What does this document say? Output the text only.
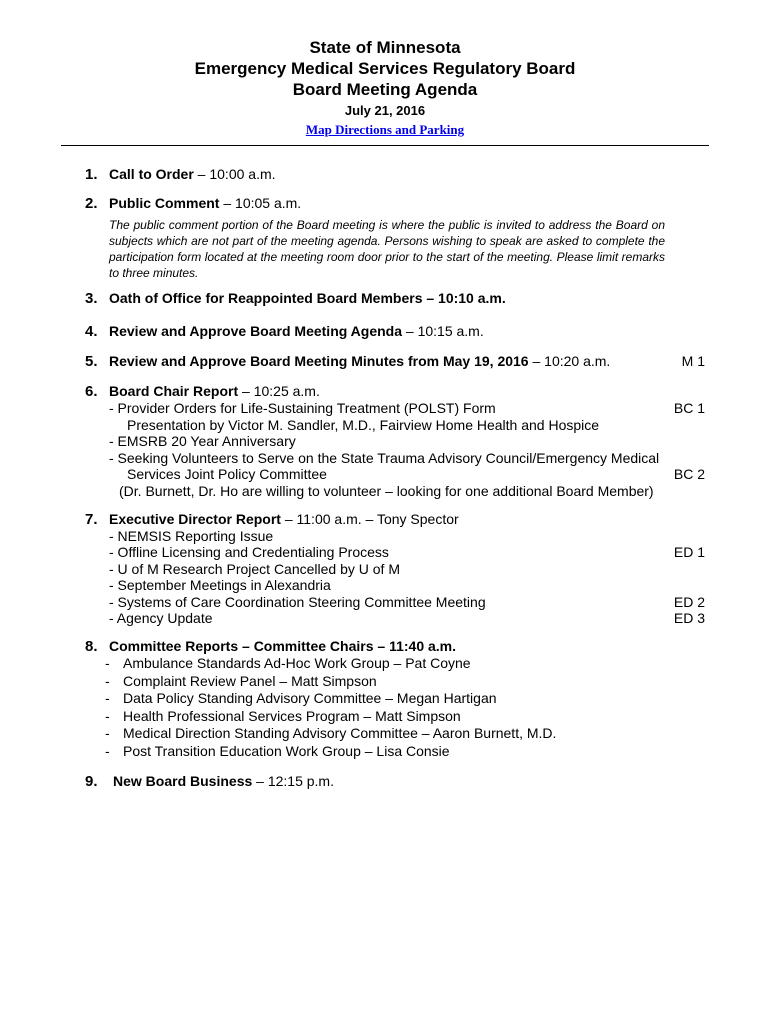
State of Minnesota
Emergency Medical Services Regulatory Board
Board Meeting Agenda
July 21, 2016
Map Directions and Parking
1. Call to Order – 10:00 a.m.
2. Public Comment – 10:05 a.m.
The public comment portion of the Board meeting is where the public is invited to address the Board on subjects which are not part of the meeting agenda. Persons wishing to speak are asked to complete the participation form located at the meeting room door prior to the start of the meeting. Please limit remarks to three minutes.
3. Oath of Office for Reappointed Board Members – 10:10 a.m.
4. Review and Approve Board Meeting Agenda – 10:15 a.m.
5. Review and Approve Board Meeting Minutes from May 19, 2016 – 10:20 a.m.	M 1
6. Board Chair Report – 10:25 a.m.
- Provider Orders for Life-Sustaining Treatment (POLST) Form	BC 1
Presentation by Victor M. Sandler, M.D., Fairview Home Health and Hospice
- EMSRB 20 Year Anniversary
- Seeking Volunteers to Serve on the State Trauma Advisory Council/Emergency Medical
Services Joint Policy Committee	BC 2
(Dr. Burnett, Dr. Ho are willing to volunteer – looking for one additional Board Member)
7. Executive Director Report – 11:00 a.m. – Tony Spector
- NEMSIS Reporting Issue
- Offline Licensing and Credentialing Process	ED 1
- U of M Research Project Cancelled by U of M
- September Meetings in Alexandria
- Systems of Care Coordination Steering Committee Meeting	ED 2
- Agency Update	ED 3
8. Committee Reports – Committee Chairs – 11:40 a.m.
- Ambulance Standards Ad-Hoc Work Group – Pat Coyne
- Complaint Review Panel – Matt Simpson
- Data Policy Standing Advisory Committee – Megan Hartigan
- Health Professional Services Program – Matt Simpson
- Medical Direction Standing Advisory Committee – Aaron Burnett, M.D.
- Post Transition Education Work Group – Lisa Consie
9. New Board Business – 12:15 p.m.
